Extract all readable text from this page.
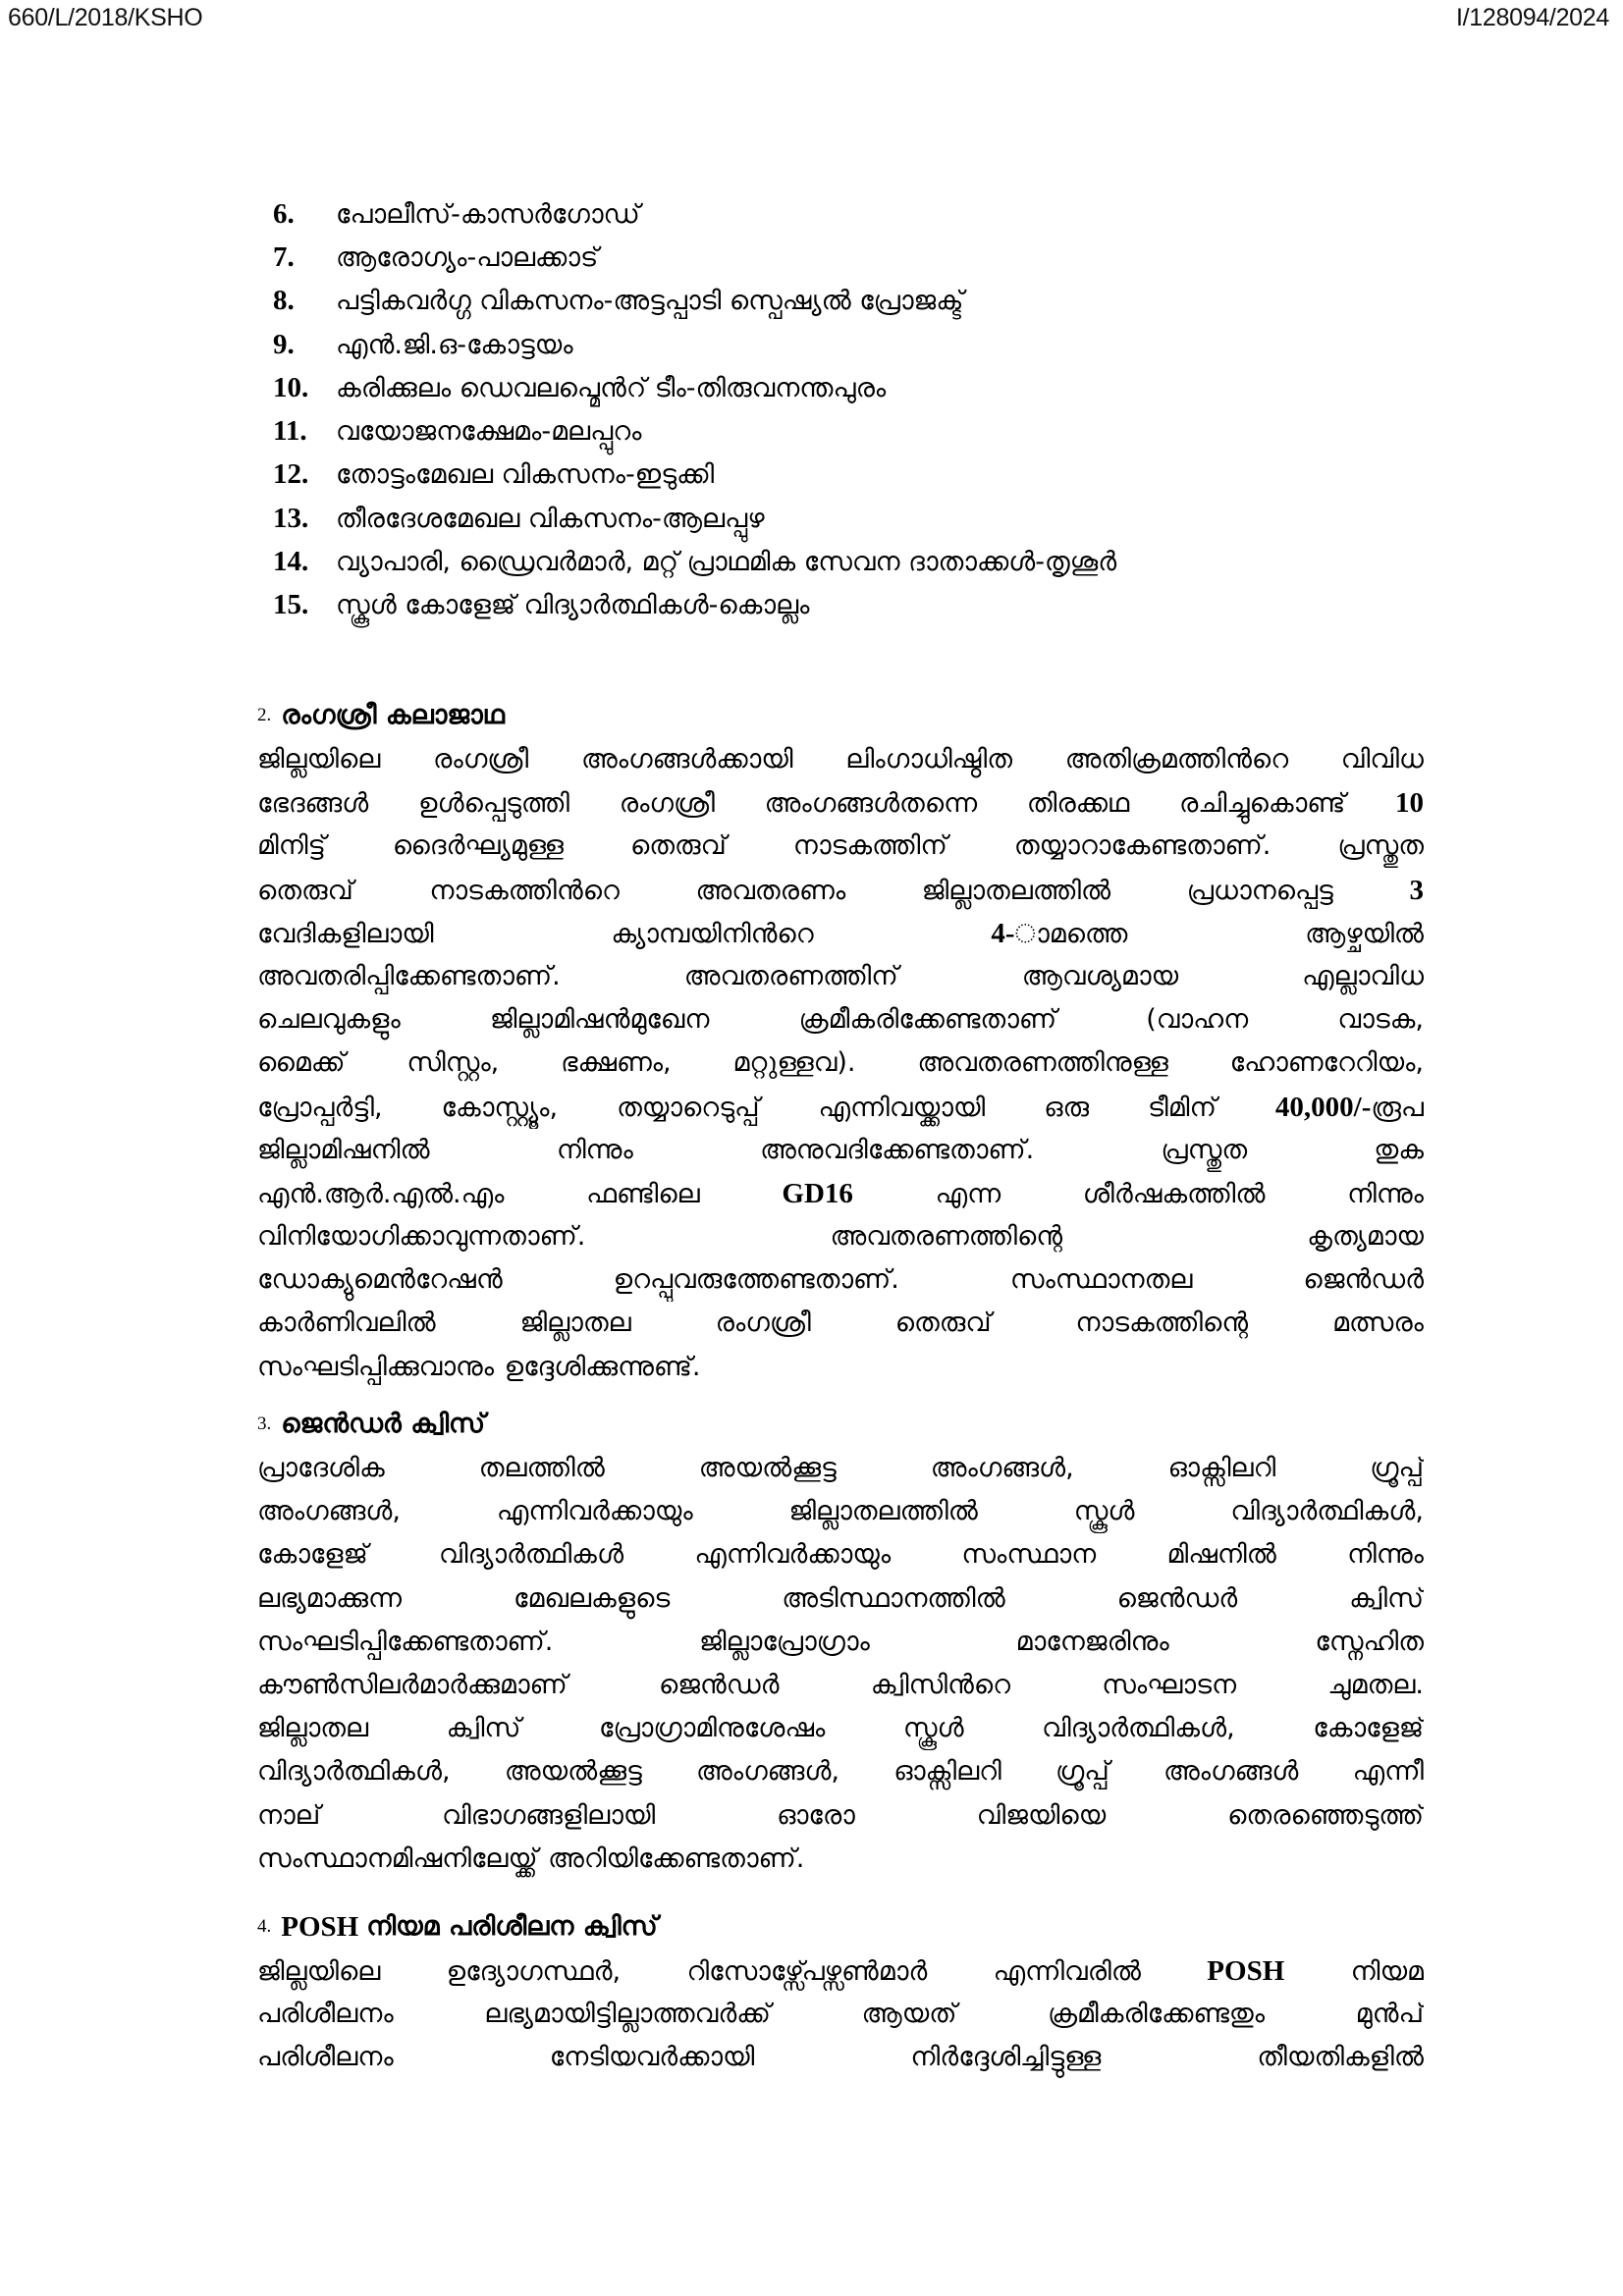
660/L/2018/KSHO	I/128094/2024
6.	പോലീസ്-കാസർഗോഡ്
7.	ആരോഗ്യം-പാലക്കാട്
8.	പട്ടികവർഗ്ഗ വികസനം-അട്ടപ്പാടി സ്പെഷ്യൽ പ്രോജക്ട്
9.	എൻ.ജി.ഒ-കോട്ടയം
10.	കരിക്കുലം ഡെവലപ്മെൻറ് ടീം-തിരുവനന്തപുരം
11.	വയോജനക്ഷേമം-മലപ്പുറം
12.	തോട്ടംമേഖല വികസനം-ഇടുക്കി
13.	തീരദേശമേഖല വികസനം-ആലപ്പുഴ
14.	വ്യാപാരി, ഡ്രൈവർമാർ, മറ്റ് പ്രാഥമിക സേവന ദാതാക്കൾ-തൃശൂർ
15.	സ്കൂൾ കോളേജ് വിദ്യാർത്ഥികൾ-കൊല്ലം
2. രംഗശ്രീ കലാജാഥ
ജില്ലയിലെ രംഗശ്രീ അംഗങ്ങൾക്കായി ലിംഗാധിഷ്ഠിത അതിക്രമത്തിൻറെ വിവിധ
ഭേദങ്ങൾ ഉൾപ്പെടുത്തി രംഗശ്രീ അംഗങ്ങൾതന്നെ തിരക്കഥ രചിച്ചുകൊണ്ട് 10
മിനിട്ട് ദൈർഘ്യമുള്ള തെരുവ് നാടകത്തിന് തയ്യാറാകേണ്ടതാണ്. പ്രസ്തുത
തെരുവ് നാടകത്തിൻറെ അവതരണം ജില്ലാതലത്തിൽ പ്രധാനപ്പെട്ട 3
വേദികളിലായി ക്യാമ്പയിനിൻറെ 4-ാമത്തെ ആഴ്ചയിൽ
അവതരിപ്പിക്കേണ്ടതാണ്. അവതരണത്തിന് ആവശ്യമായ എല്ലാവിധ
ചെലവുകളും ജില്ലാമിഷൻമുഖേന ക്രമീകരിക്കേണ്ടതാണ് (വാഹന വാടക,
മൈക്ക് സിസ്റ്റം, ഭക്ഷണം, മറ്റുള്ളവ). അവതരണത്തിനുള്ള ഹോണറേറിയം,
പ്രോപ്പർട്ടി, കോസ്റ്റ്യൂം, തയ്യാറെടുപ്പ് എന്നിവയ്ക്കായി ഒരു ടീമിന് 40,000/-രൂപ
ജില്ലാമിഷനിൽ നിന്നും അനുവദിക്കേണ്ടതാണ്. പ്രസ്തുത തുക
എൻ.ആർ.എൽ.എം ഫണ്ടിലെ GD16 എന്ന ശീർഷകത്തിൽ നിന്നും
വിനിയോഗിക്കാവുന്നതാണ്. അവതരണത്തിന്റെ കൃത്യമായ
ഡോക്യുമെൻറേഷൻ ഉറപ്പുവരുത്തേണ്ടതാണ്. സംസ്ഥാനതല ജെൻഡർ
കാർണിവലിൽ ജില്ലാതല രംഗശ്രീ തെരുവ് നാടകത്തിന്റെ മത്സരം
സംഘടിപ്പിക്കുവാനും ഉദ്ദേശിക്കുന്നുണ്ട്.
3. ജെൻഡർ ക്വിസ്
പ്രാദേശിക തലത്തിൽ അയൽക്കൂട്ട അംഗങ്ങൾ, ഓക്സിലറി ഗ്രൂപ്പ്
അംഗങ്ങൾ, എന്നിവർക്കായും ജില്ലാതലത്തിൽ സ്കൂൾ വിദ്യാർത്ഥികൾ,
കോളേജ് വിദ്യാർത്ഥികൾ എന്നിവർക്കായും സംസ്ഥാന മിഷനിൽ നിന്നും
ലഭ്യമാക്കുന്ന മേഖലകളുടെ അടിസ്ഥാനത്തിൽ ജെൻഡർ ക്വിസ്
സംഘടിപ്പിക്കേണ്ടതാണ്. ജില്ലാപ്രോഗ്രാം മാനേജരിനും സ്നേഹിത
കൗൺസിലർമാർക്കുമാണ് ജെൻഡർ ക്വിസിൻറെ സംഘാടന ചുമതല.
ജില്ലാതല ക്വിസ് പ്രോഗ്രാമിനുശേഷം സ്കൂൾ വിദ്യാർത്ഥികൾ, കോളേജ്
വിദ്യാർത്ഥികൾ, അയൽക്കൂട്ട അംഗങ്ങൾ, ഓക്സിലറി ഗ്രൂപ്പ് അംഗങ്ങൾ എന്നീ
നാല് വിഭാഗങ്ങളിലായി ഓരോ വിജയിയെ തെരഞ്ഞെടുത്ത്
സംസ്ഥാനമിഷനിലേയ്ക്ക് അറിയിക്കേണ്ടതാണ്.
4. POSH നിയമ പരിശീലന ക്വിസ്
ജില്ലയിലെ ഉദ്യോഗസ്ഥർ, റിസോഴ്സ്പേഴ്സൺമാർ എന്നിവരിൽ POSH നിയമ
പരിശീലനം ലഭ്യമായിട്ടില്ലാത്തവർക്ക് ആയത് ക്രമീകരിക്കേണ്ടതും മുൻപ്
പരിശീലനം നേടിയവർക്കായി നിർദ്ദേശിച്ചിട്ടുള്ള തീയതികളിൽ
